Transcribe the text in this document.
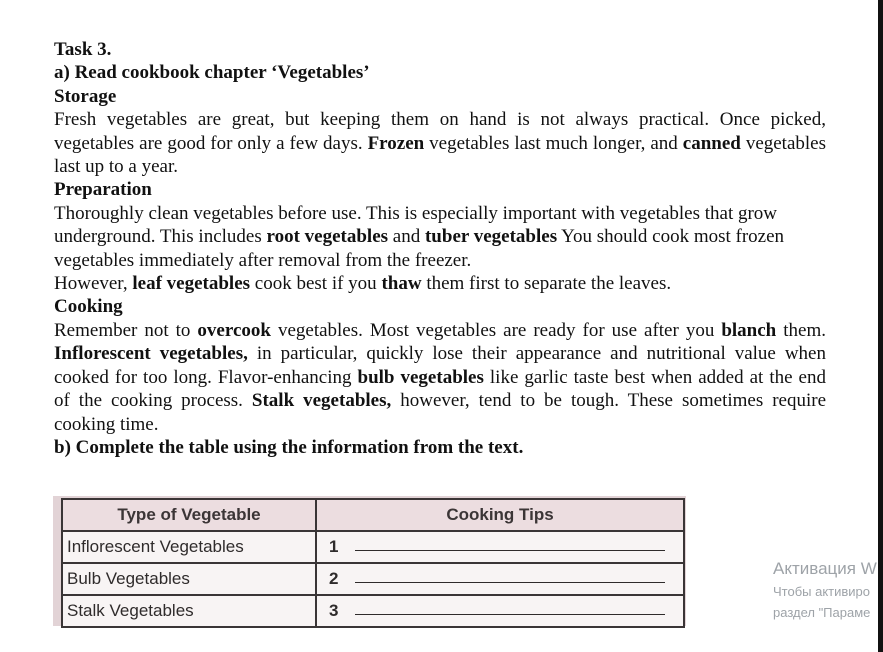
Task 3.
a) Read cookbook chapter ‘Vegetables’
Storage

Fresh vegetables are great, but keeping them on hand is not always practical. Once picked, vegetables are good for only a few days. Frozen vegetables last much longer, and canned vegetables last up to a year.

Preparation

Thoroughly clean vegetables before use. This is especially important with vegetables that grow underground. This includes root vegetables and tuber vegetables You should cook most frozen vegetables immediately after removal from the freezer.
However, leaf vegetables cook best if you thaw them first to separate the leaves.

Cooking

Remember not to overcook vegetables. Most vegetables are ready for use after you blanch them. Inflorescent vegetables, in particular, quickly lose their appearance and nutritional value when cooked for too long. Flavor-enhancing bulb vegetables like garlic taste best when added at the end of the cooking process. Stalk vegetables, however, tend to be tough. These sometimes require cooking time.

b) Complete the table using the information from the text.
Type of Vegetable	Cooking Tips
Inflorescent Vegetables	1
Bulb Vegetables	2
Stalk Vegetables	3
Активация W
Чтобы активиро
раздел "Параме
